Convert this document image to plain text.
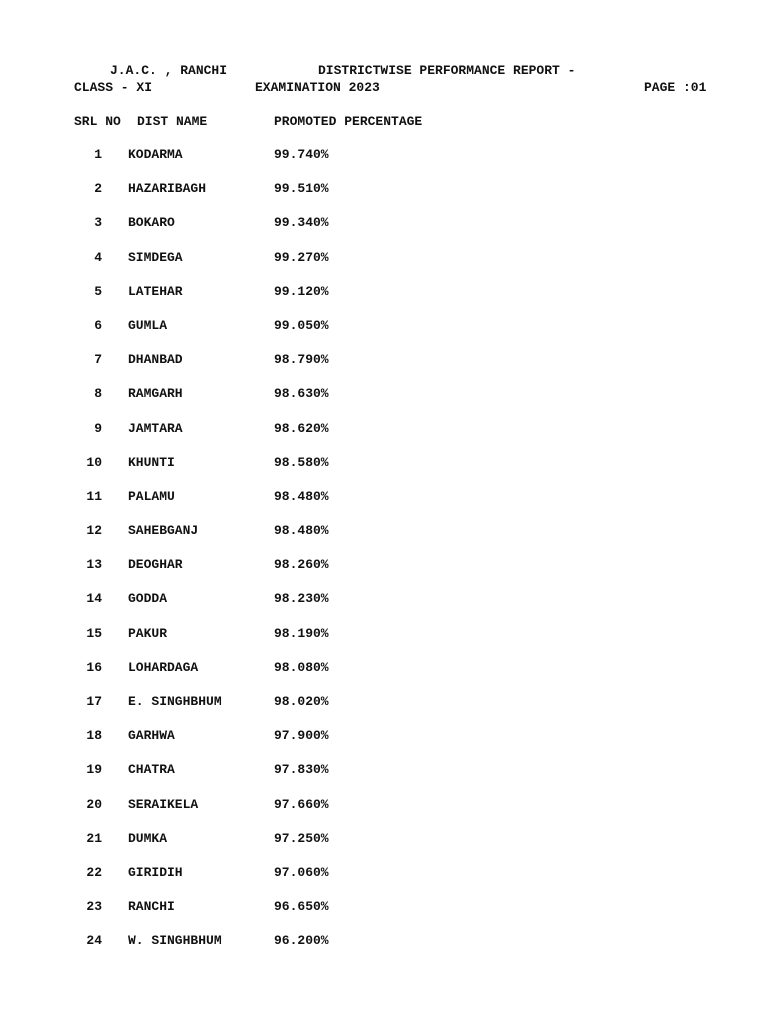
J.A.C. , RANCHI	DISTRICTWISE PERFORMANCE REPORT -
CLASS - XI	EXAMINATION 2023	PAGE :01
SRL NO DIST NAME	PROMOTED PERCENTAGE
1 KODARMA	99.740%
2 HAZARIBAGH	99.510%
3 BOKARO	99.340%
4 SIMDEGA	99.270%
5 LATEHAR	99.120%
6 GUMLA	99.050%
7 DHANBAD	98.790%
8 RAMGARH	98.630%
9 JAMTARA	98.620%
10 KHUNTI	98.580%
11 PALAMU	98.480%
12 SAHEBGANJ	98.480%
13 DEOGHAR	98.260%
14 GODDA	98.230%
15 PAKUR	98.190%
16 LOHARDAGA	98.080%
17 E. SINGHBHUM	98.020%
18 GARHWA	97.900%
19 CHATRA	97.830%
20 SERAIKELA	97.660%
21 DUMKA	97.250%
22 GIRIDIH	97.060%
23 RANCHI	96.650%
24 W. SINGHBHUM	96.200%
